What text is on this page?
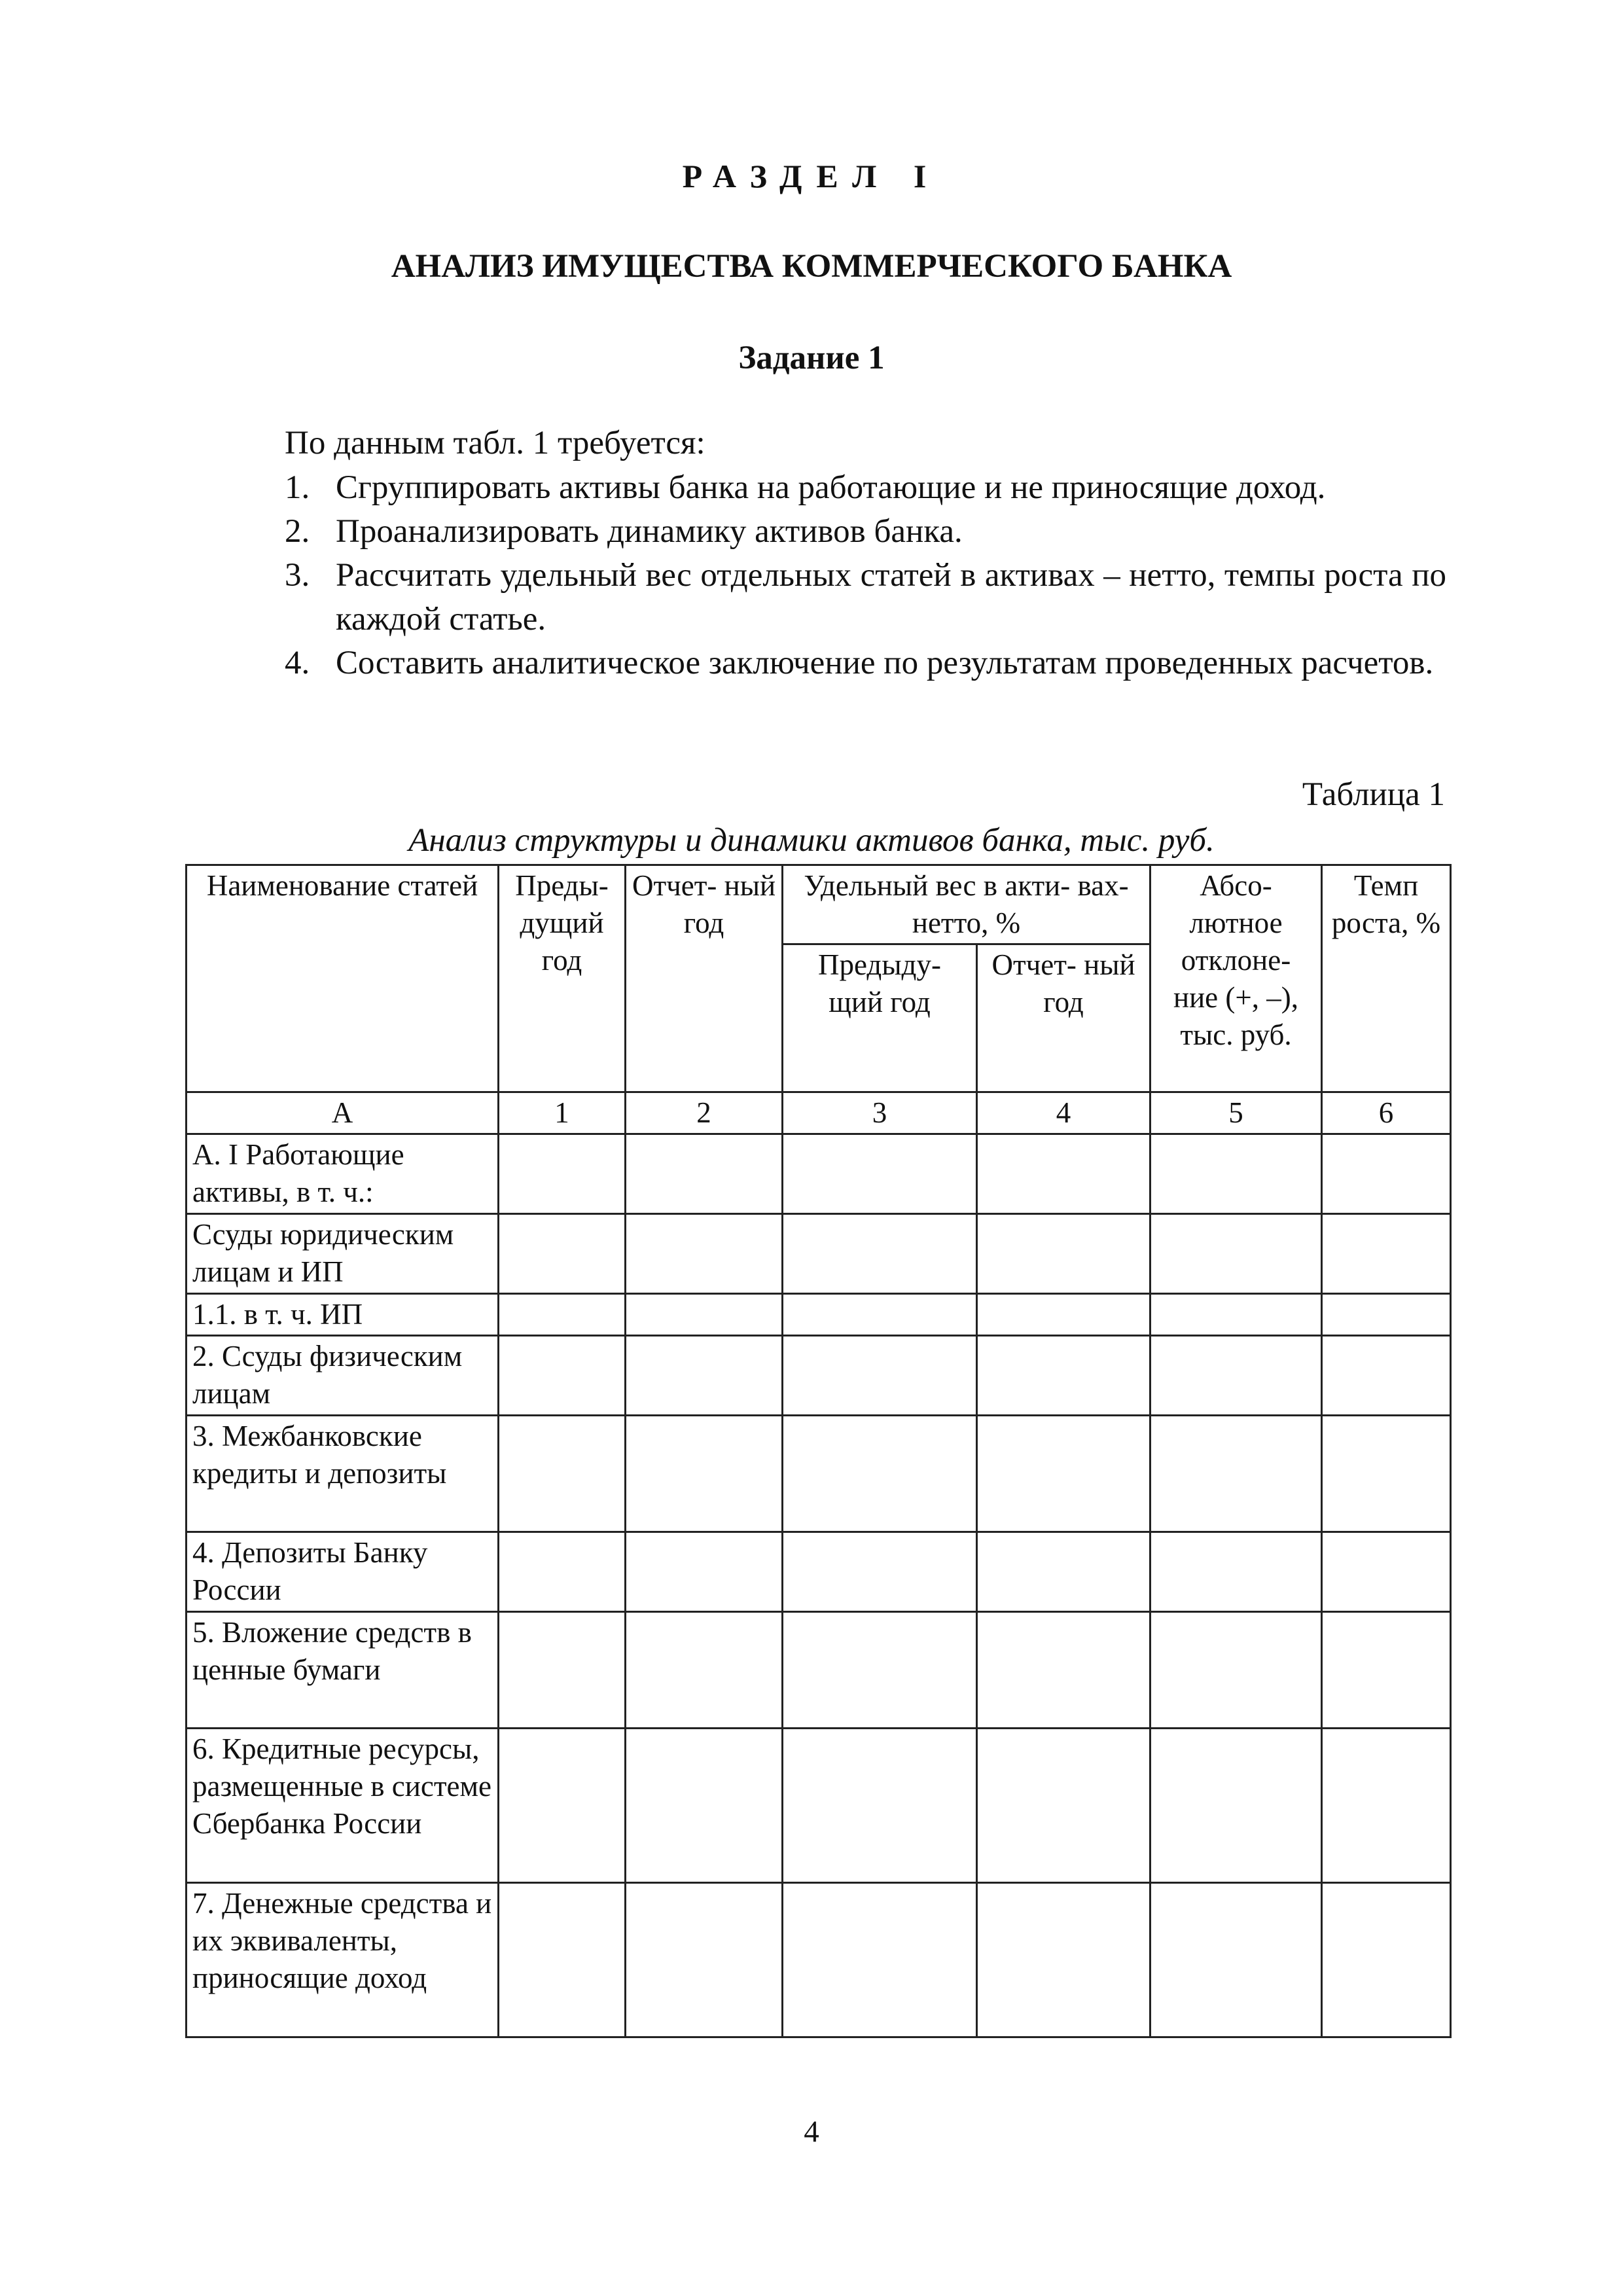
РАЗДЕЛ I
АНАЛИЗ ИМУЩЕСТВА КОММЕРЧЕСКОГО БАНКА
Задание 1
По данным табл. 1 требуется:
1. Сгруппировать активы банка на работающие и не приносящие доход.
2. Проанализировать динамику активов банка.
3. Рассчитать удельный вес отдельных статей в активах – нетто, темпы роста по каждой статье.
4. Составить аналитическое заключение по результатам проведенных расчетов.
Таблица 1
Анализ структуры и динамики активов банка, тыс. руб.
Наименование статей	Преды- дущий год	Отчет- ный год	Удельный вес в акти- вах-нетто, %		Абсо- лютное отклоне- ние (+, –), тыс. руб.	Темп роста, %
			Предыду- щий год	Отчет- ный год		
А	1	2	3	4	5	6
А. I Работающие активы, в т. ч.:						
Ссуды юридическим лицам и ИП						
1.1. в т. ч. ИП						
2. Ссуды физическим лицам						
3. Межбанковские кредиты и депозиты						
4. Депозиты Банку России						
5. Вложение средств в ценные бумаги						
6. Кредитные ресурсы, размещенные в системе Сбербанка России						
7. Денежные средства и их эквиваленты, приносящие доход						
4
